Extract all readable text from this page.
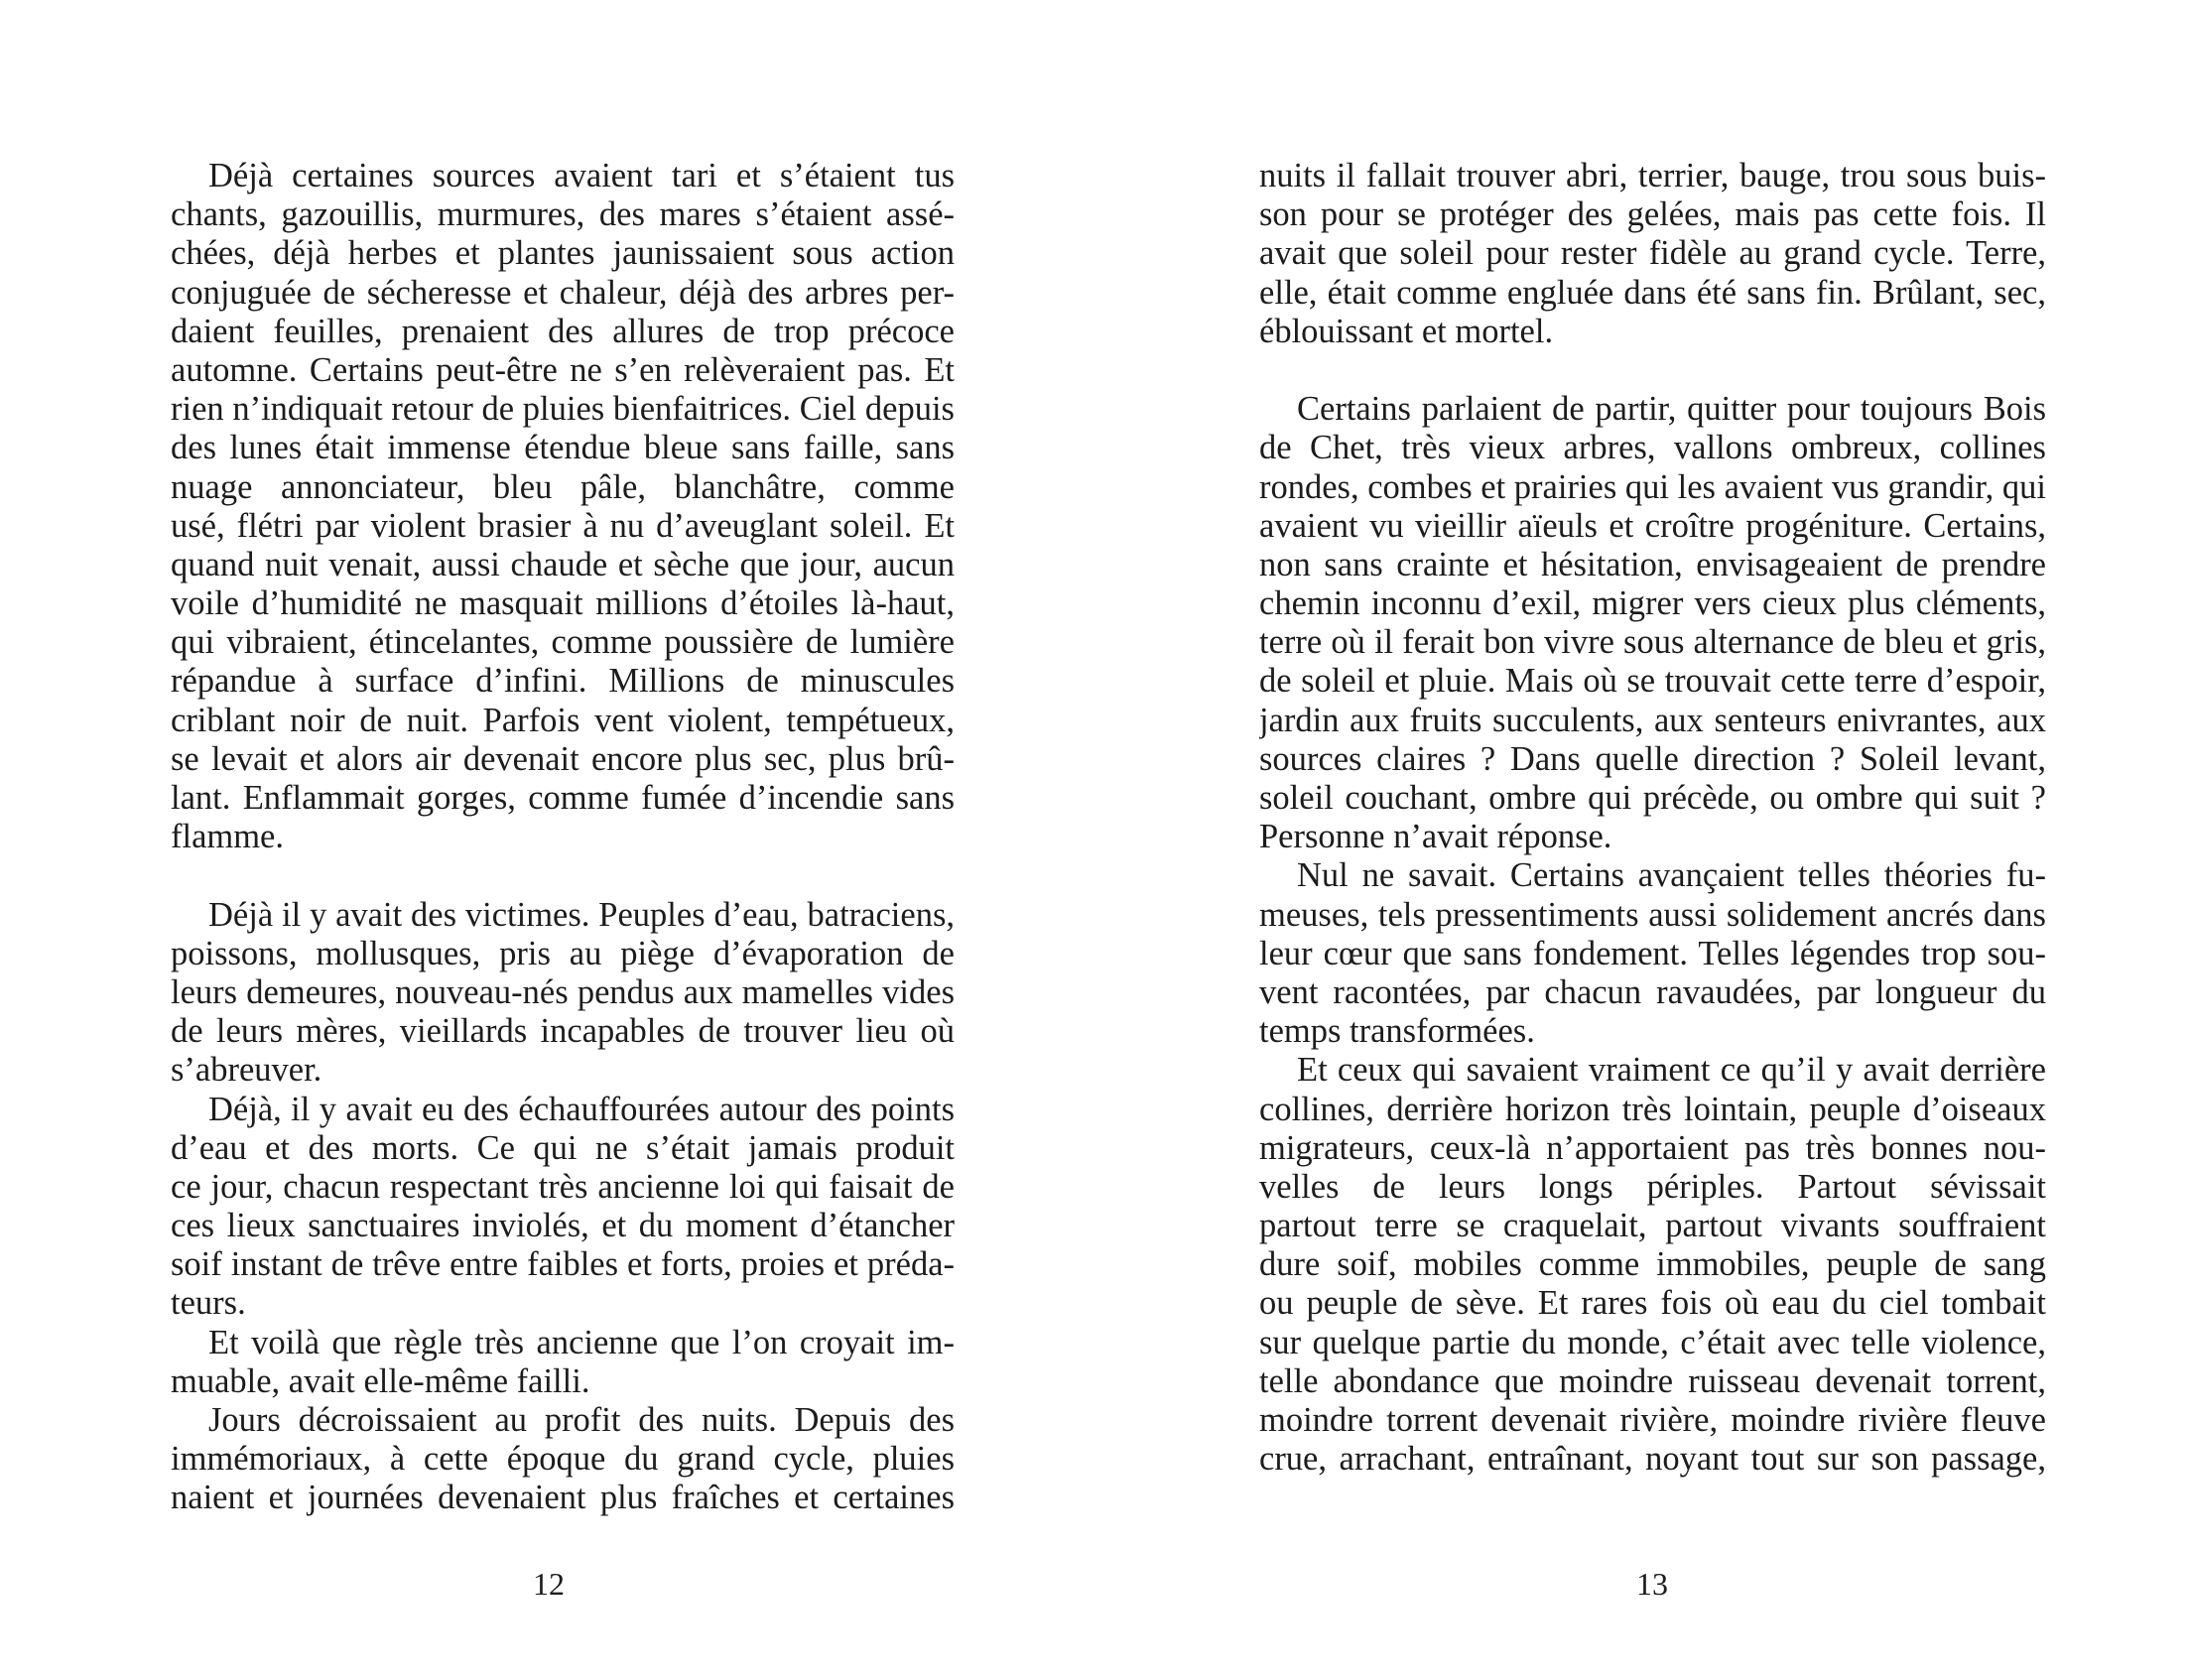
Déjà certaines sources avaient tari et s’étaient tus
chants, gazouillis, murmures, des mares s’étaient assé-
chées, déjà herbes et plantes jaunissaient sous action
conjuguée de sécheresse et chaleur, déjà des arbres per-
daient feuilles, prenaient des allures de trop précoce
automne. Certains peut-être ne s’en relèveraient pas. Et
rien n’indiquait retour de pluies bienfaitrices. Ciel depuis
des lunes était immense étendue bleue sans faille, sans
nuage annonciateur, bleu pâle, blanchâtre, comme
usé, flétri par violent brasier à nu d’aveuglant soleil. Et
quand nuit venait, aussi chaude et sèche que jour, aucun
voile d’humidité ne masquait millions d’étoiles là-haut,
qui vibraient, étincelantes, comme poussière de lumière
répandue à surface d’infini. Millions de minuscules
criblant noir de nuit. Parfois vent violent, tempétueux,
se levait et alors air devenait encore plus sec, plus brû-
lant. Enflammait gorges, comme fumée d’incendie sans
flamme.
Déjà il y avait des victimes. Peuples d’eau, batraciens,
poissons, mollusques, pris au piège d’évaporation de
leurs demeures, nouveau-nés pendus aux mamelles vides
de leurs mères, vieillards incapables de trouver lieu où
s’abreuver.
Déjà, il y avait eu des échauffourées autour des points
d’eau et des morts. Ce qui ne s’était jamais produit
ce jour, chacun respectant très ancienne loi qui faisait de
ces lieux sanctuaires inviolés, et du moment d’étancher
soif instant de trêve entre faibles et forts, proies et préda-
teurs.
Et voilà que règle très ancienne que l’on croyait im-
muable, avait elle-même failli.
Jours décroissaient au profit des nuits. Depuis des
immémoriaux, à cette époque du grand cycle, pluies
naient et journées devenaient plus fraîches et certaines
12
nuits il fallait trouver abri, terrier, bauge, trou sous buis-
son pour se protéger des gelées, mais pas cette fois. Il
avait que soleil pour rester fidèle au grand cycle. Terre,
elle, était comme engluée dans été sans fin. Brûlant, sec,
éblouissant et mortel.
Certains parlaient de partir, quitter pour toujours Bois
de Chet, très vieux arbres, vallons ombreux, collines
rondes, combes et prairies qui les avaient vus grandir, qui
avaient vu vieillir aïeuls et croître progéniture. Certains,
non sans crainte et hésitation, envisageaient de prendre
chemin inconnu d’exil, migrer vers cieux plus cléments,
terre où il ferait bon vivre sous alternance de bleu et gris,
de soleil et pluie. Mais où se trouvait cette terre d’espoir,
jardin aux fruits succulents, aux senteurs enivrantes, aux
sources claires ? Dans quelle direction ? Soleil levant,
soleil couchant, ombre qui précède, ou ombre qui suit ?
Personne n’avait réponse.
Nul ne savait. Certains avançaient telles théories fu-
meuses, tels pressentiments aussi solidement ancrés dans
leur cœur que sans fondement. Telles légendes trop sou-
vent racontées, par chacun ravaudées, par longueur du
temps transformées.
Et ceux qui savaient vraiment ce qu’il y avait derrière
collines, derrière horizon très lointain, peuple d’oiseaux
migrateurs, ceux-là n’apportaient pas très bonnes nou-
velles de leurs longs périples. Partout sévissait
partout terre se craquelait, partout vivants souffraient
dure soif, mobiles comme immobiles, peuple de sang
ou peuple de sève. Et rares fois où eau du ciel tombait
sur quelque partie du monde, c’était avec telle violence,
telle abondance que moindre ruisseau devenait torrent,
moindre torrent devenait rivière, moindre rivière fleuve
crue, arrachant, entraînant, noyant tout sur son passage,
13
